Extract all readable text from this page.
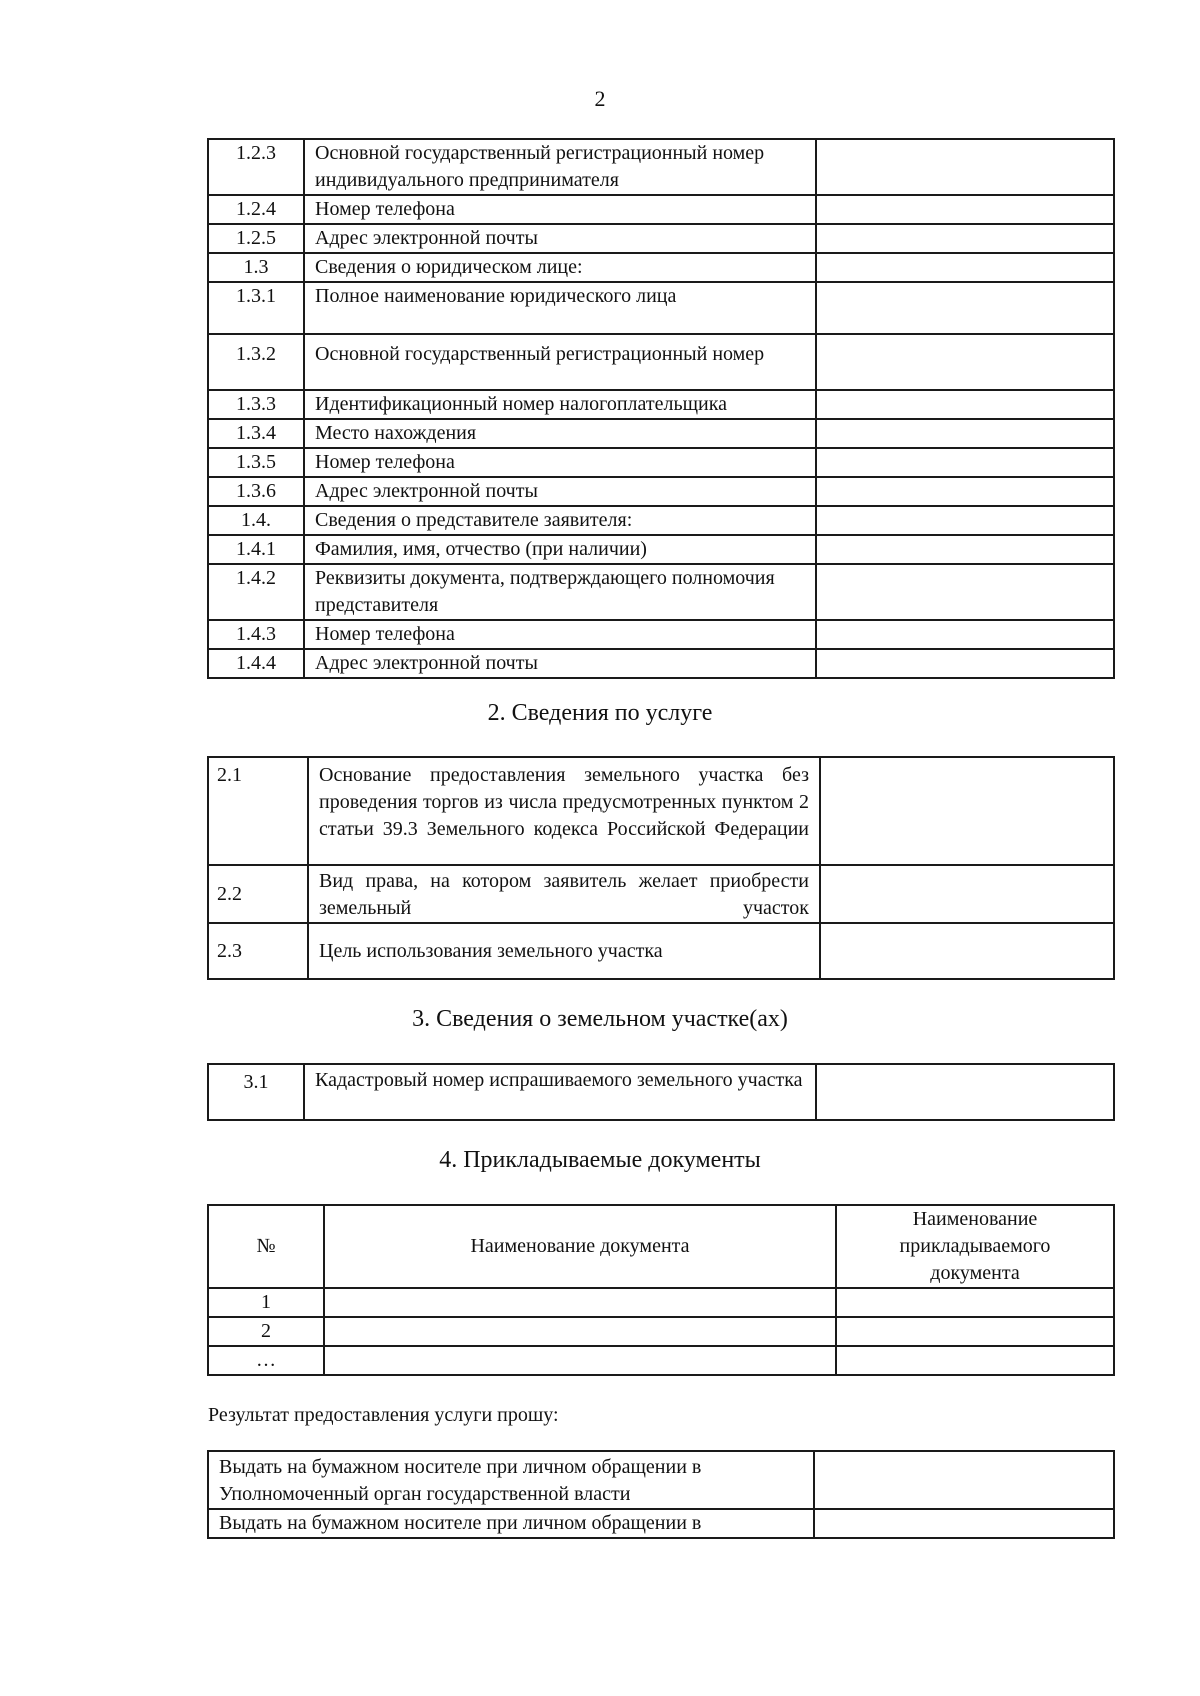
2
1.2.3	Основной государственный регистрационный номер индивидуального предпринимателя	
1.2.4	Номер телефона	
1.2.5	Адрес электронной почты	
1.3	Сведения о юридическом лице:	
1.3.1	Полное наименование юридического лица	
1.3.2	Основной государственный регистрационный номер	
1.3.3	Идентификационный номер налогоплательщика	
1.3.4	Место нахождения	
1.3.5	Номер телефона	
1.3.6	Адрес электронной почты	
1.4.	Сведения о представителе заявителя:	
1.4.1	Фамилия, имя, отчество (при наличии)	
1.4.2	Реквизиты документа, подтверждающего полномочия представителя	
1.4.3	Номер телефона	
1.4.4	Адрес электронной почты	
2. Сведения по услуге
2.1	Основание предоставления земельного участка без проведения торгов из числа предусмотренных пунктом 2 статьи 39.3 Земельного кодекса Российской Федерации	
2.2	Вид права, на котором заявитель желает приобрести земельный участок	
2.3	Цель использования земельного участка	
3. Сведения о земельном участке(ах)
3.1	Кадастровый номер испрашиваемого земельного участка	
4. Прикладываемые документы
№	Наименование документа	Наименование прикладываемого документа
1		
2		
…		
Результат предоставления услуги прошу:
Выдать на бумажном носителе при личном обращении в Уполномоченный орган государственной власти	
Выдать на бумажном носителе при личном обращении в	
